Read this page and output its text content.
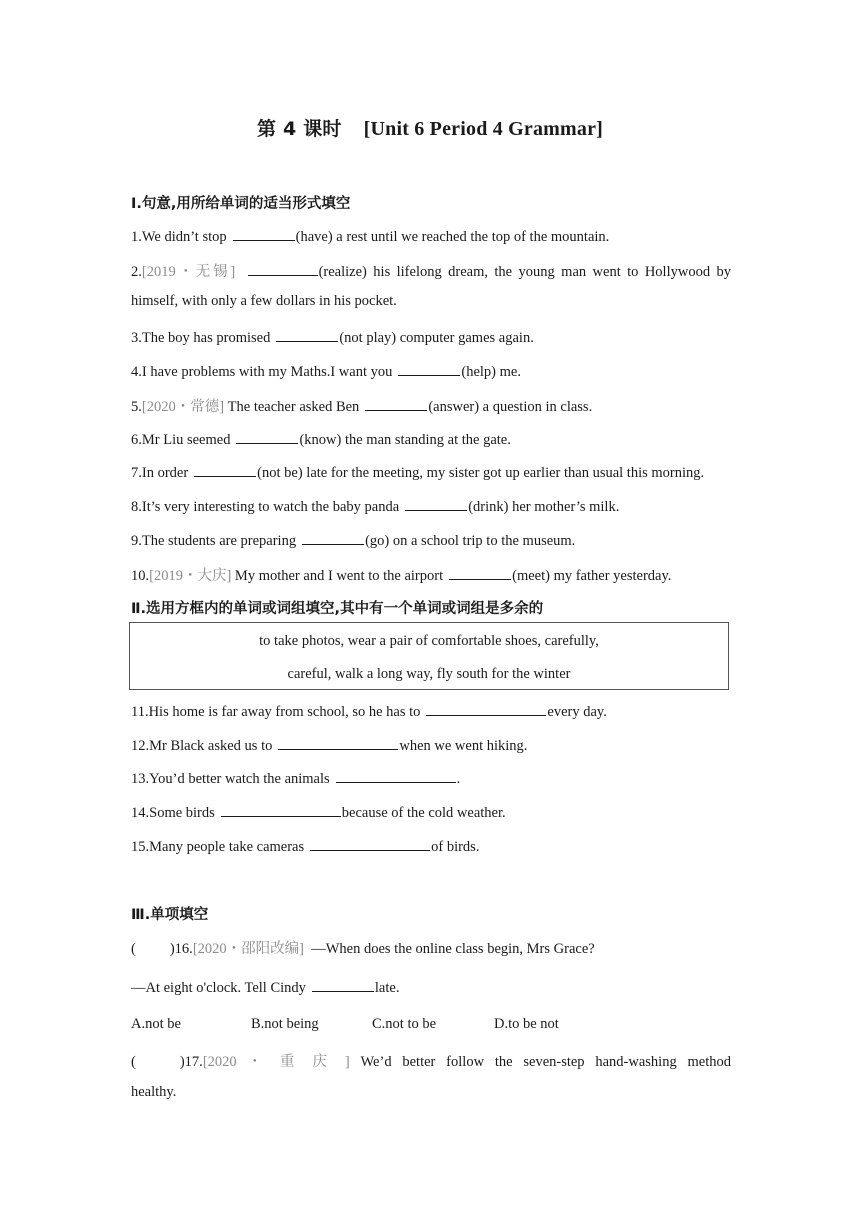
第 4 课时 [Unit 6 Period 4 Grammar]
Ⅰ.句意,用所给单词的适当形式填空
1.We didn’t stop	(have) a rest until we reached the top of the mountain.
2.[2019・无锡]	(realize) his lifelong dream, the young man went to Hollywood by
himself, with only a few dollars in his pocket.
3.The boy has promised	(not play) computer games again.
4.I have problems with my Maths.I want you	(help) me.
5.[2020・常德] The teacher asked Ben	(answer) a question in class.
6.Mr Liu seemed	(know) the man standing at the gate.
7.In order	(not be) late for the meeting, my sister got up earlier than usual this morning.
8.It’s very interesting to watch the baby panda	(drink) her mother’s milk.
9.The students are preparing	(go) on a school trip to the museum.
10.[2019・大庆] My mother and I went to the airport	(meet) my father yesterday.
Ⅱ.选用方框内的单词或词组填空,其中有一个单词或词组是多余的
to take photos, wear a pair of comfortable shoes, carefully,
careful, walk a long way, fly south for the winter
11.His home is far away from school, so he has to	every day.
12.Mr Black asked us to	when we went hiking.
13.You’d better watch the animals	.
14.Some birds	because of the cold weather.
15.Many people take cameras	of birds.
Ⅲ.单项填空
( )16.[2020・邵阳改编] —When does the online class begin, Mrs Grace?
—At eight o'clock. Tell Cindy	late.
A.not be	B.not being	C.not to be	D.to be not
(	)17.[2020 ・ 重 庆 ] We’d better follow the seven-step hand-washing method
healthy.
